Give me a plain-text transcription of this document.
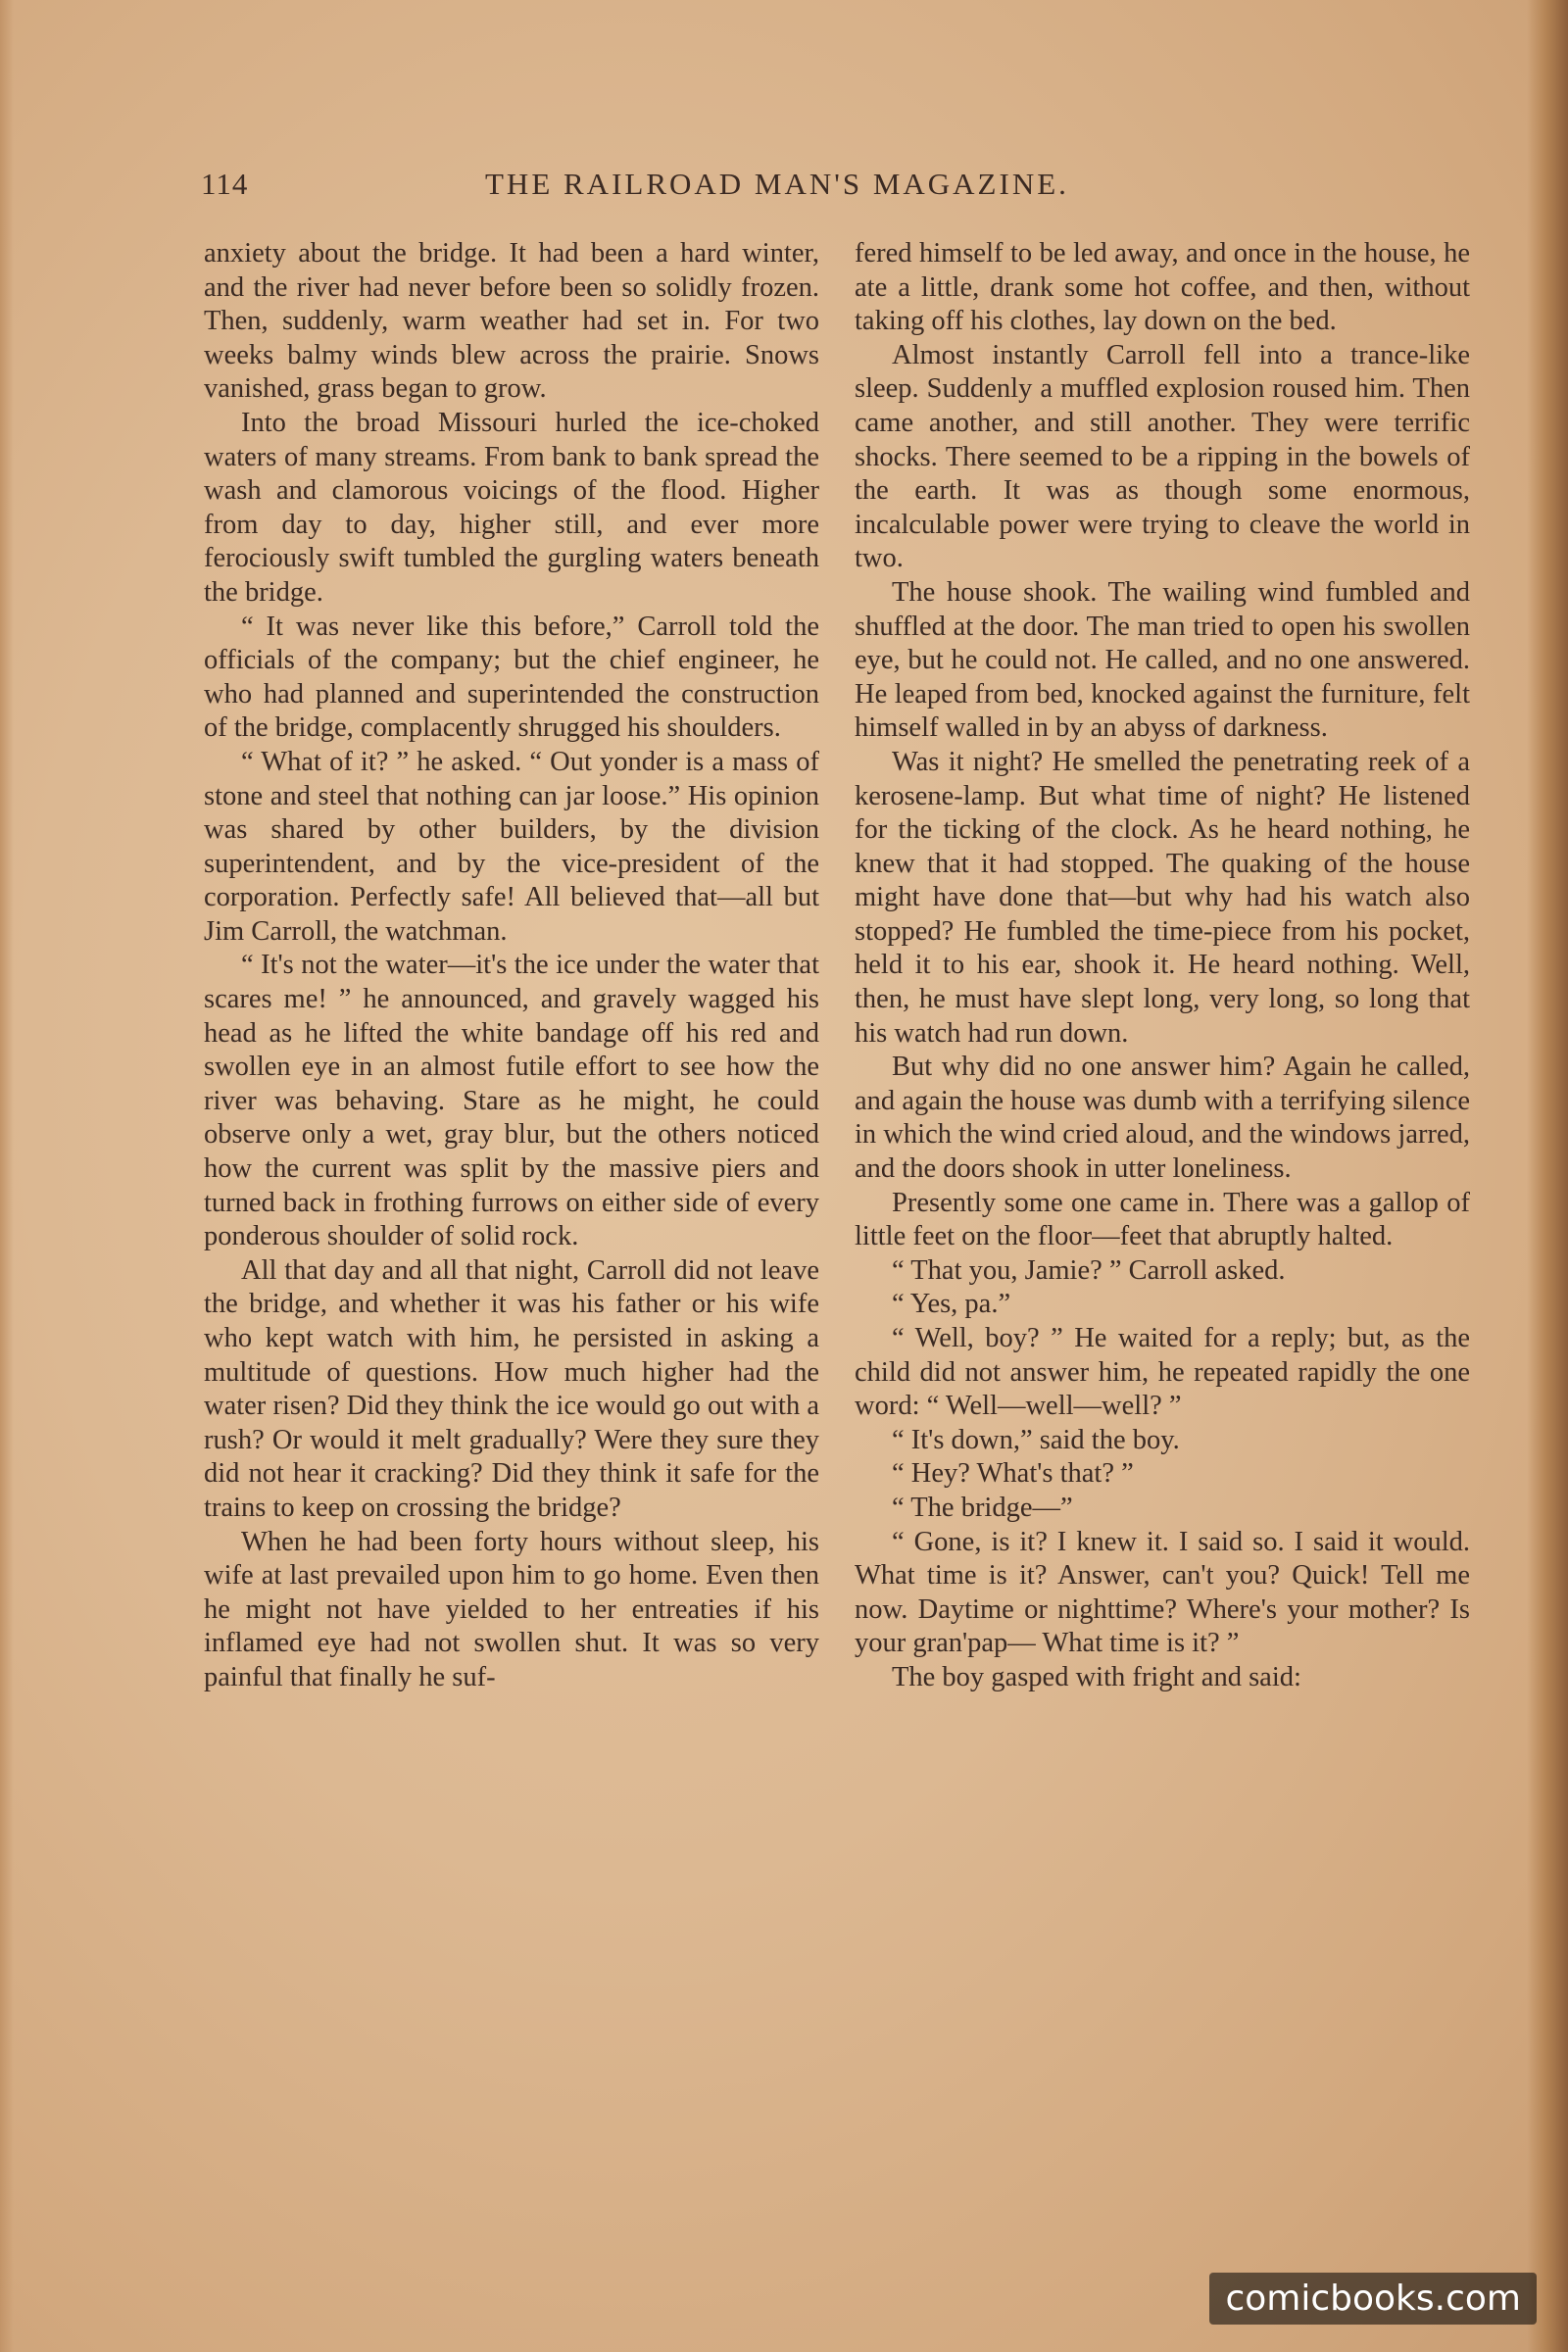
114	THE RAILROAD MAN'S MAGAZINE.

anxiety about the bridge. It had been a hard winter, and the river had never before been so solidly frozen. Then, suddenly, warm weather had set in. For two weeks balmy winds blew across the prairie. Snows vanished, grass began to grow.

Into the broad Missouri hurled the ice-choked waters of many streams. From bank to bank spread the wash and clamorous voicings of the flood. Higher from day to day, higher still, and ever more ferociously swift tumbled the gurgling waters beneath the bridge.

“ It was never like this before,” Carroll told the officials of the company; but the chief engineer, he who had planned and superintended the construction of the bridge, complacently shrugged his shoulders.

“ What of it? ” he asked. “ Out yonder is a mass of stone and steel that nothing can jar loose.” His opinion was shared by other builders, by the division superintendent, and by the vice-president of the corporation. Perfectly safe! All believed that—all but Jim Carroll, the watchman.

“ It's not the water—it's the ice under the water that scares me! ” he announced, and gravely wagged his head as he lifted the white bandage off his red and swollen eye in an almost futile effort to see how the river was behaving. Stare as he might, he could observe only a wet, gray blur, but the others noticed how the current was split by the massive piers and turned back in frothing furrows on either side of every ponderous shoulder of solid rock.

All that day and all that night, Carroll did not leave the bridge, and whether it was his father or his wife who kept watch with him, he persisted in asking a multitude of questions. How much higher had the water risen? Did they think the ice would go out with a rush? Or would it melt gradually? Were they sure they did not hear it cracking? Did they think it safe for the trains to keep on crossing the bridge?

When he had been forty hours without sleep, his wife at last prevailed upon him to go home. Even then he might not have yielded to her entreaties if his inflamed eye had not swollen shut. It was so very painful that finally he suf-

fered himself to be led away, and once in the house, he ate a little, drank some hot coffee, and then, without taking off his clothes, lay down on the bed.

Almost instantly Carroll fell into a trance-like sleep. Suddenly a muffled explosion roused him. Then came another, and still another. They were terrific shocks. There seemed to be a ripping in the bowels of the earth. It was as though some enormous, incalculable power were trying to cleave the world in two.

The house shook. The wailing wind fumbled and shuffled at the door. The man tried to open his swollen eye, but he could not. He called, and no one answered. He leaped from bed, knocked against the furniture, felt himself walled in by an abyss of darkness.

Was it night? He smelled the penetrating reek of a kerosene-lamp. But what time of night? He listened for the ticking of the clock. As he heard nothing, he knew that it had stopped. The quaking of the house might have done that—but why had his watch also stopped? He fumbled the time-piece from his pocket, held it to his ear, shook it. He heard nothing. Well, then, he must have slept long, very long, so long that his watch had run down.

But why did no one answer him? Again he called, and again the house was dumb with a terrifying silence in which the wind cried aloud, and the windows jarred, and the doors shook in utter loneliness.

Presently some one came in. There was a gallop of little feet on the floor—feet that abruptly halted.

“ That you, Jamie? ” Carroll asked.

“ Yes, pa.”

“ Well, boy? ” He waited for a reply; but, as the child did not answer him, he repeated rapidly the one word: “ Well—well—well? ”

“ It's down,” said the boy.

“ Hey? What's that? ”

“ The bridge—”

“ Gone, is it? I knew it. I said so. I said it would. What time is it? Answer, can't you? Quick! Tell me now. Daytime or nighttime? Where's your mother? Is your gran'pap— What time is it? ”

The boy gasped with fright and said:

comicbooks.com
